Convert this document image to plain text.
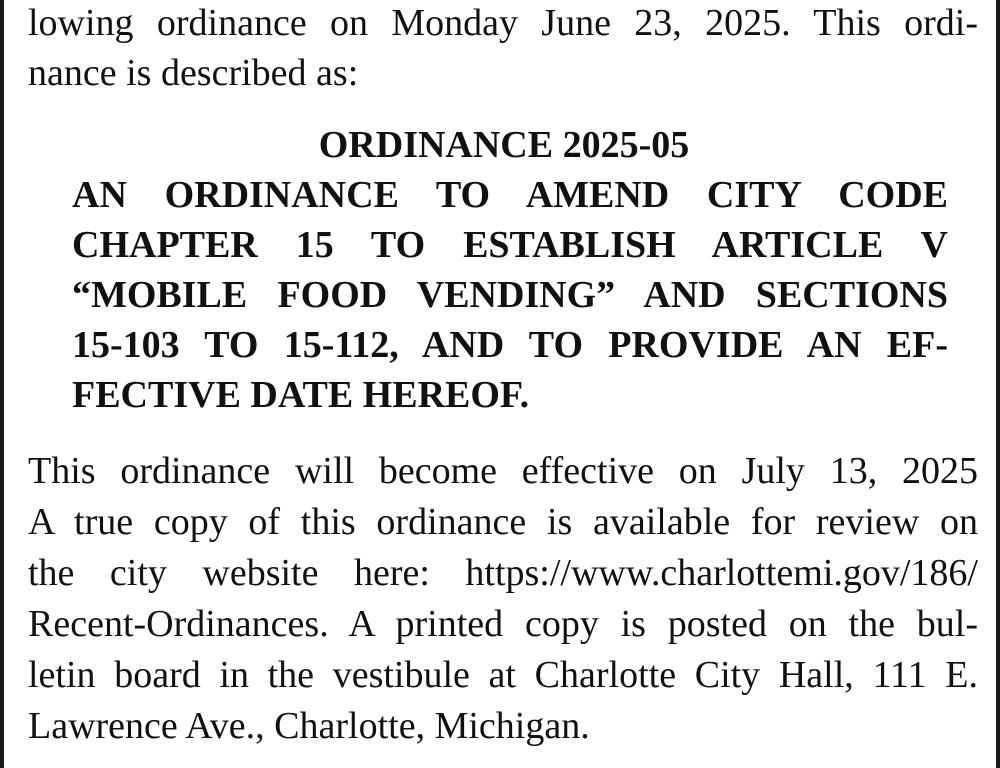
lowing ordinance on Monday June 23, 2025. This ordi-
nance is described as:
ORDINANCE 2025-05
AN ORDINANCE TO AMEND CITY CODE
CHAPTER 15 TO ESTABLISH ARTICLE V
“MOBILE FOOD VENDING” AND SECTIONS
15-103 TO 15-112, AND TO PROVIDE AN EF-
FECTIVE DATE HEREOF.
This ordinance will become effective on July 13, 2025
A true copy of this ordinance is available for review on
the city website here: https://www.charlottemi.gov/186/
Recent-Ordinances. A printed copy is posted on the bul-
letin board in the vestibule at Charlotte City Hall, 111 E.
Lawrence Ave., Charlotte, Michigan.
